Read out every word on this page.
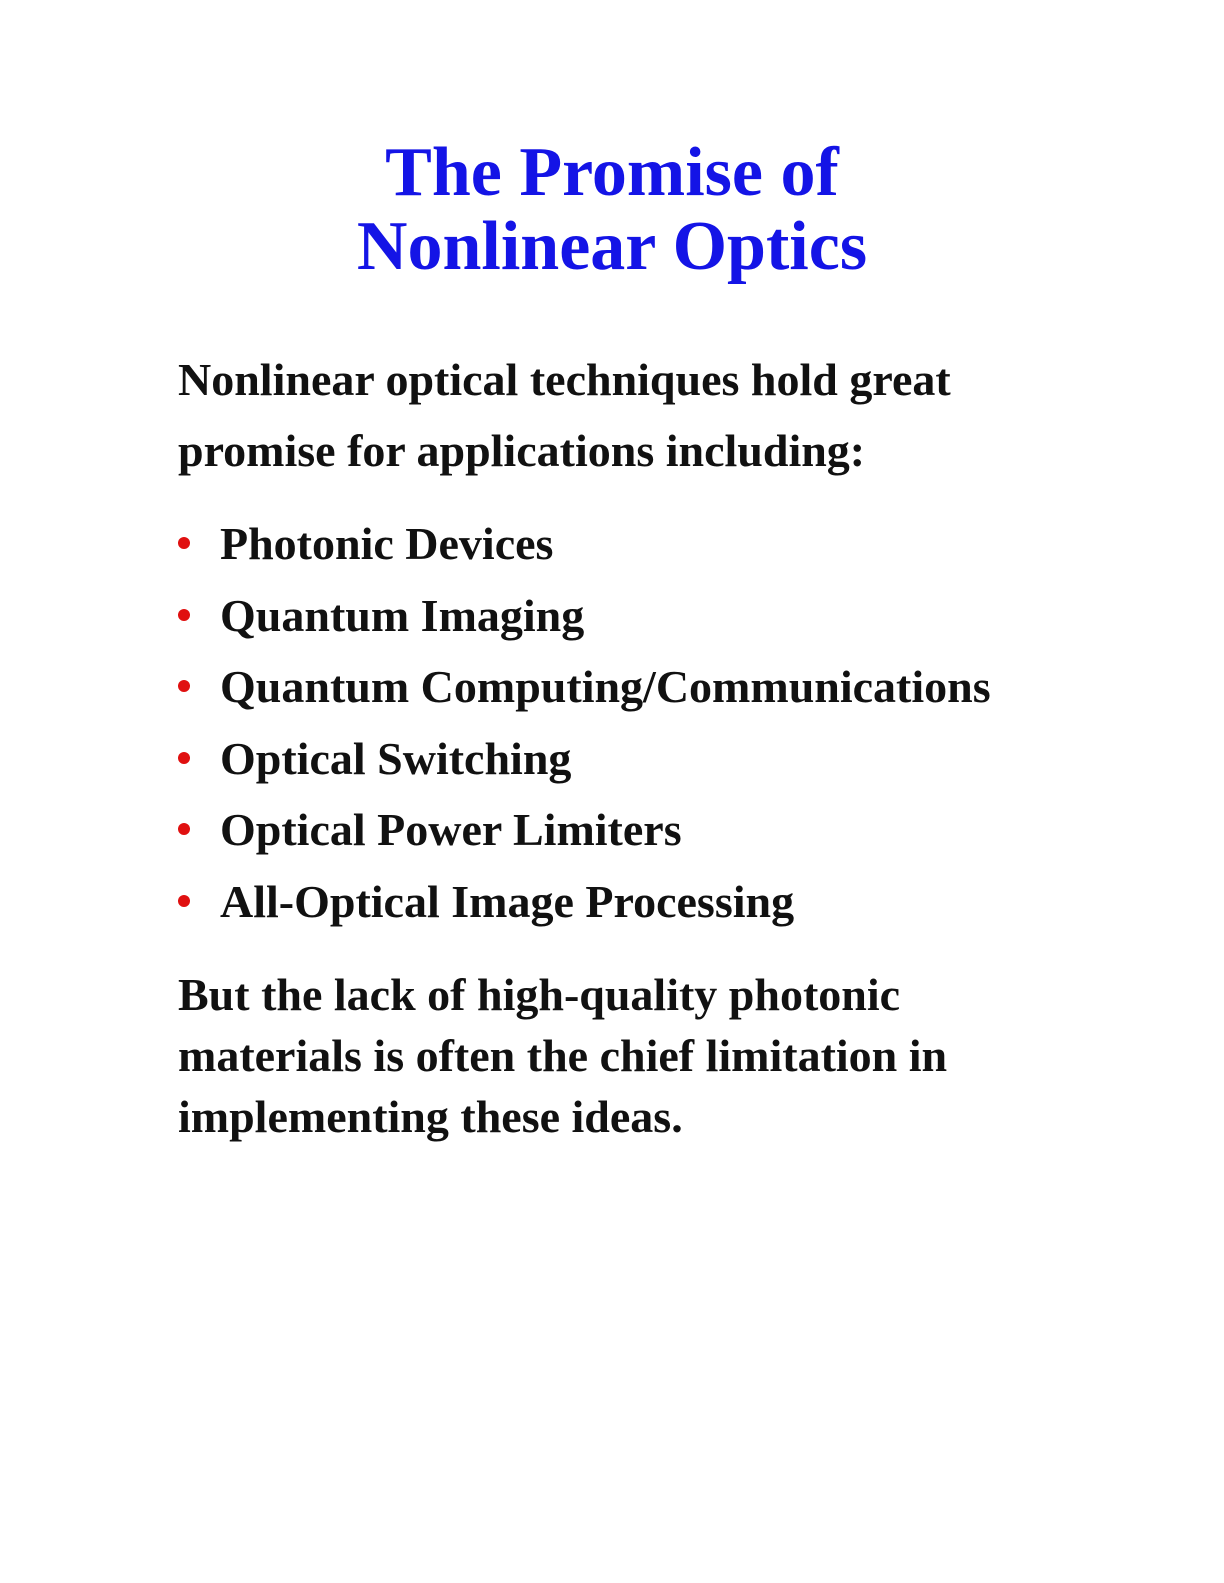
The Promise of
Nonlinear Optics
Nonlinear optical techniques hold great
promise for applications including:
Photonic Devices
Quantum Imaging
Quantum Computing/Communications
Optical Switching
Optical Power Limiters
All-Optical Image Processing
But the lack of high-quality photonic
materials is often the chief limitation in
implementing these ideas.
